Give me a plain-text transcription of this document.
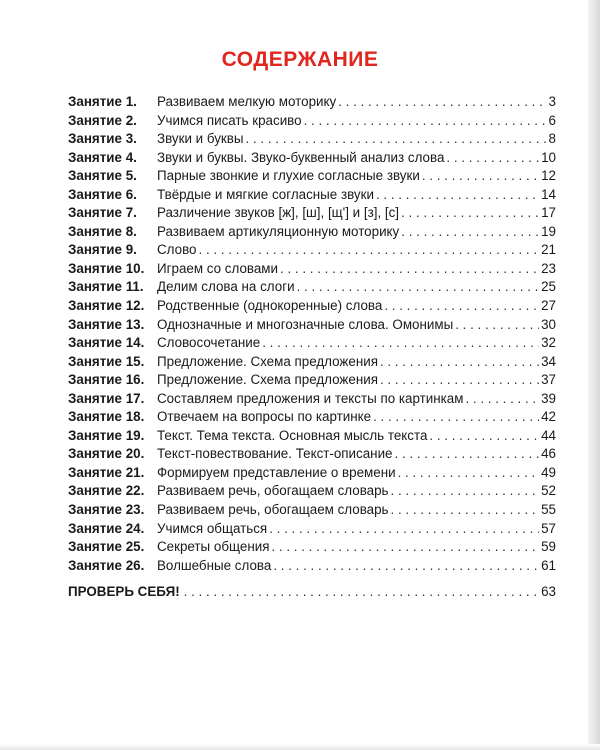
СОДЕРЖАНИЕ
Занятие 1.	Развиваем мелкую моторику . . .	3
Занятие 2.	Учимся писать красиво . . .	6
Занятие 3.	Звуки и буквы . . .	8
Занятие 4.	Звуки и буквы. Звуко-буквенный анализ слова . . .	10
Занятие 5.	Парные звонкие и глухие согласные звуки . . .	12
Занятие 6.	Твёрдые и мягкие согласные звуки . . .	14
Занятие 7.	Различение звуков [ж], [ш], [щ'] и [з], [с] . . .	17
Занятие 8.	Развиваем артикуляционную моторику . . .	19
Занятие 9.	Слово . . .	21
Занятие 10. Играем со словами . . .	23
Занятие 11.	Делим слова на слоги . . .	25
Занятие 12. Родственные (однокоренные) слова . . .	27
Занятие 13. Однозначные и многозначные слова. Омонимы . . .	30
Занятие 14. Словосочетание . . .	32
Занятие 15. Предложение. Схема предложения . . .	34
Занятие 16. Предложение. Схема предложения . . .	37
Занятие 17. Составляем предложения и тексты по картинкам . . .	39
Занятие 18. Отвечаем на вопросы по картинке . . .	42
Занятие 19. Текст. Тема текста. Основная мысль текста . . .	44
Занятие 20. Текст-повествование. Текст-описание . . .	46
Занятие 21. Формируем представление о времени . . .	49
Занятие 22. Развиваем речь, обогащаем словарь . . .	52
Занятие 23. Развиваем речь, обогащаем словарь . . .	55
Занятие 24. Учимся общаться . . .	57
Занятие 25. Секреты общения . . .	59
Занятие 26. Волшебные слова . . .	61
ПРОВЕРЬ СЕБЯ! . . .	63
